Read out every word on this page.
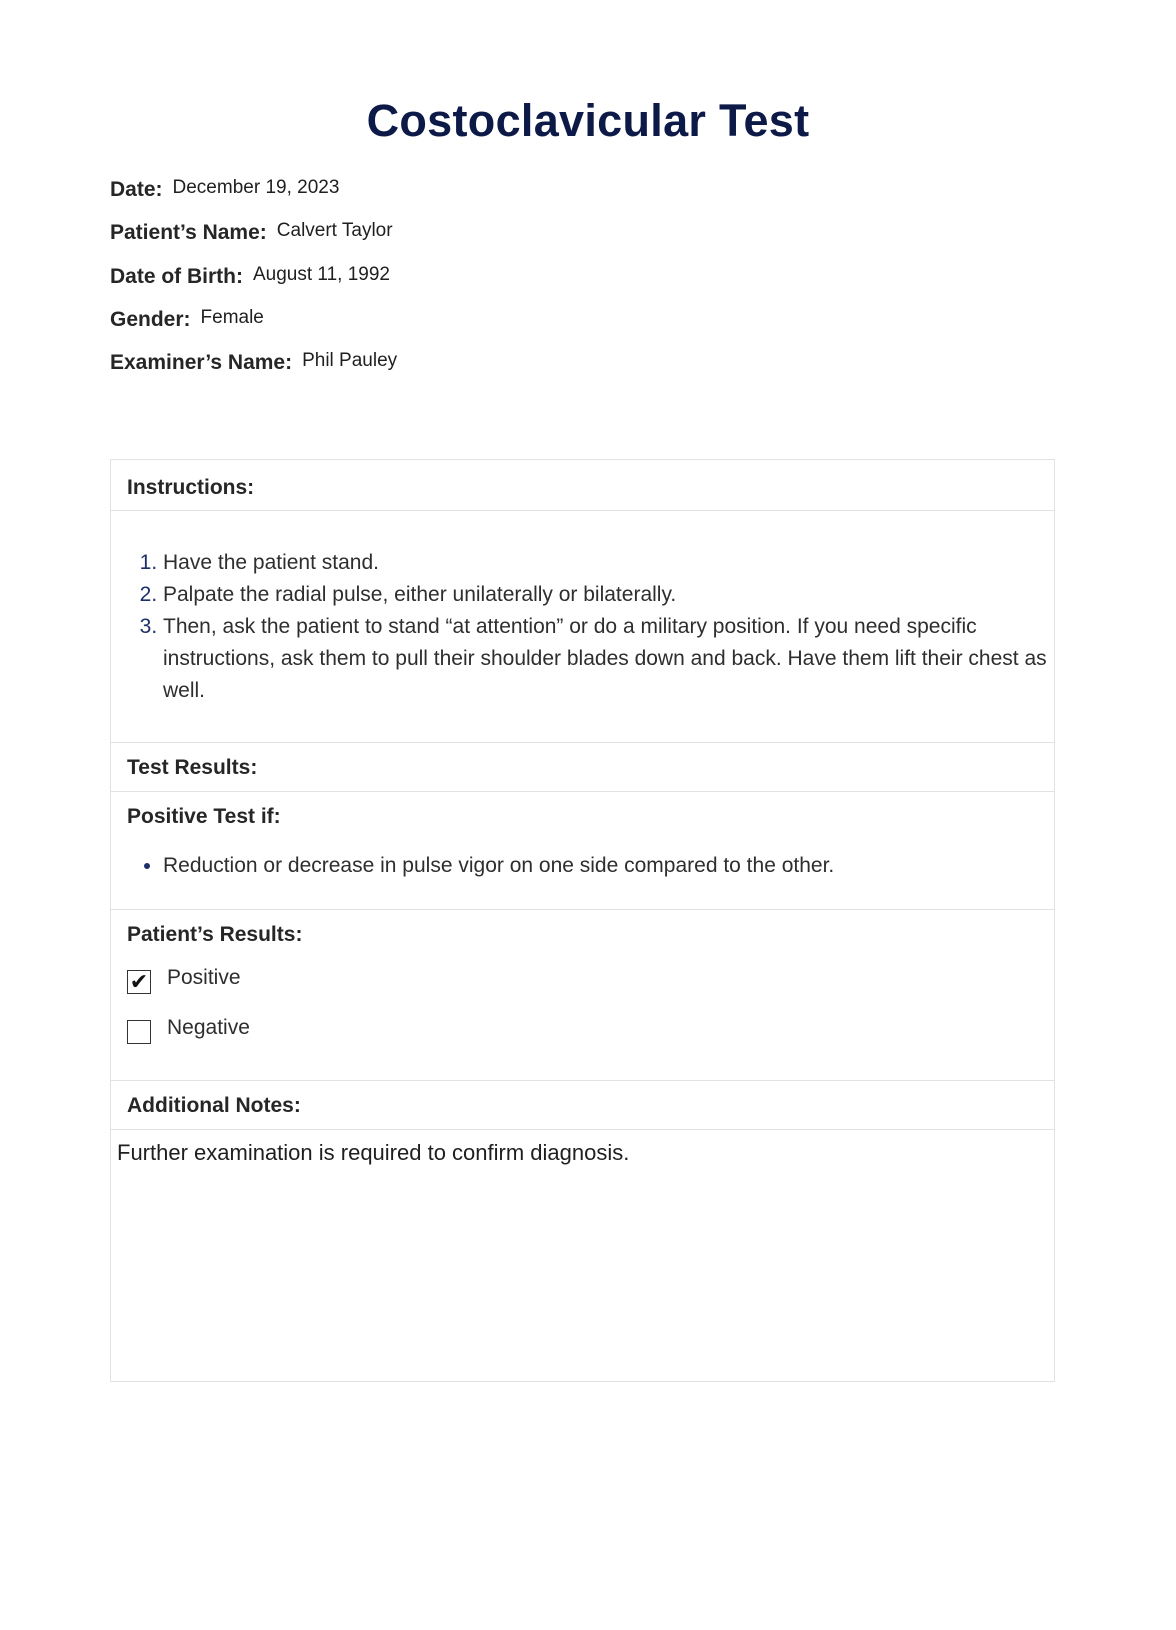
Costoclavicular Test
Date: December 19, 2023
Patient’s Name: Calvert Taylor
Date of Birth: August 11, 1992
Gender: Female
Examiner’s Name: Phil Pauley
Instructions:
1. Have the patient stand.
2. Palpate the radial pulse, either unilaterally or bilaterally.
3. Then, ask the patient to stand “at attention” or do a military position. If you need specific instructions, ask them to pull their shoulder blades down and back. Have them lift their chest as well.
Test Results:
Positive Test if:
• Reduction or decrease in pulse vigor on one side compared to the other.
Patient’s Results:
✔ Positive
Negative
Additional Notes:
Further examination is required to confirm diagnosis.
